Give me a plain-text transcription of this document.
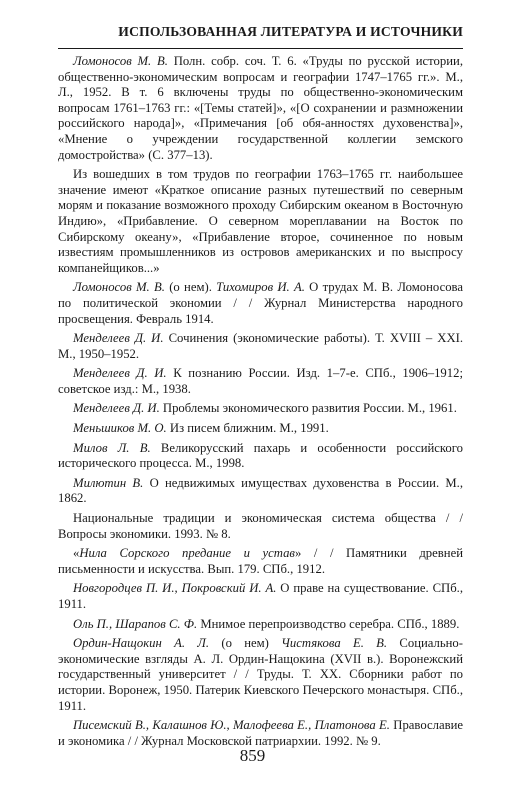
ИСПОЛЬЗОВАННАЯ ЛИТЕРАТУРА И ИСТОЧНИКИ

Ломоносов М. В. Полн. собр. соч. Т. 6. «Труды по русской истории, общественно-экономическим вопросам и географии 1747–1765 гг.». М., Л., 1952. В т. 6 включены труды по общественно-экономическим вопросам 1761–1763 гг.: «[Темы статей]», «[О сохранении и размножении российского народа]», «Примечания [об обя-анностях духовенства]», «Мнение о учреждении государственной коллегии земского домостройства» (С. 377–13).

Из вошедших в том трудов по географии 1763–1765 гг. наибольшее значение имеют «Краткое описание разных путешествий по северным морям и показание возможного проходу Сибирским океаном в Восточную Индию», «Прибавление. О северном мореплавании на Восток по Сибирскому океану», «Прибавление второе, сочиненное по новым известиям промышленников из островов американских и по выспросу компанейщиков...»

Ломоносов М. В. (о нем). Тихомиров И. А. О трудах М. В. Ломоносова по политической экономии / / Журнал Министерства народного просвещения. Февраль 1914.

Менделеев Д. И. Сочинения (экономические работы). Т. XVIII – XXI. М., 1950–1952.

Менделеев Д. И. К познанию России. Изд. 1–7-е. СПб., 1906–1912; советское изд.: М., 1938.

Менделеев Д. И. Проблемы экономического развития России. М., 1961.

Меньшиков М. О. Из писем ближним. М., 1991.

Милов Л. В. Великорусский пахарь и особенности российского исторического процесса. М., 1998.

Милютин В. О недвижимых имуществах духовенства в России. М., 1862.

Национальные традиции и экономическая система общества / / Вопросы экономики. 1993. № 8.

«Нила Сорского предание и устав» / / Памятники древней письменности и искусства. Вып. 179. СПб., 1912.

Новгородцев П. И., Покровский И. А. О праве на существование. СПб., 1911.

Оль П., Шарапов С. Ф. Мнимое перепроизводство серебра. СПб., 1889.

Ордин-Нащокин А. Л. (о нем) Чистякова Е. В. Социально-экономические взгляды А. Л. Ордин-Нащокина (XVII в.). Воронежский государственный университет / / Труды. Т. XX. Сборники работ по истории. Воронеж, 1950. Патерик Киевского Печерского монастыря. СПб., 1911.

Писемский В., Калашнов Ю., Малофеева Е., Платонова Е. Православие и экономика / / Журнал Московской патриархии. 1992. № 9.

859
